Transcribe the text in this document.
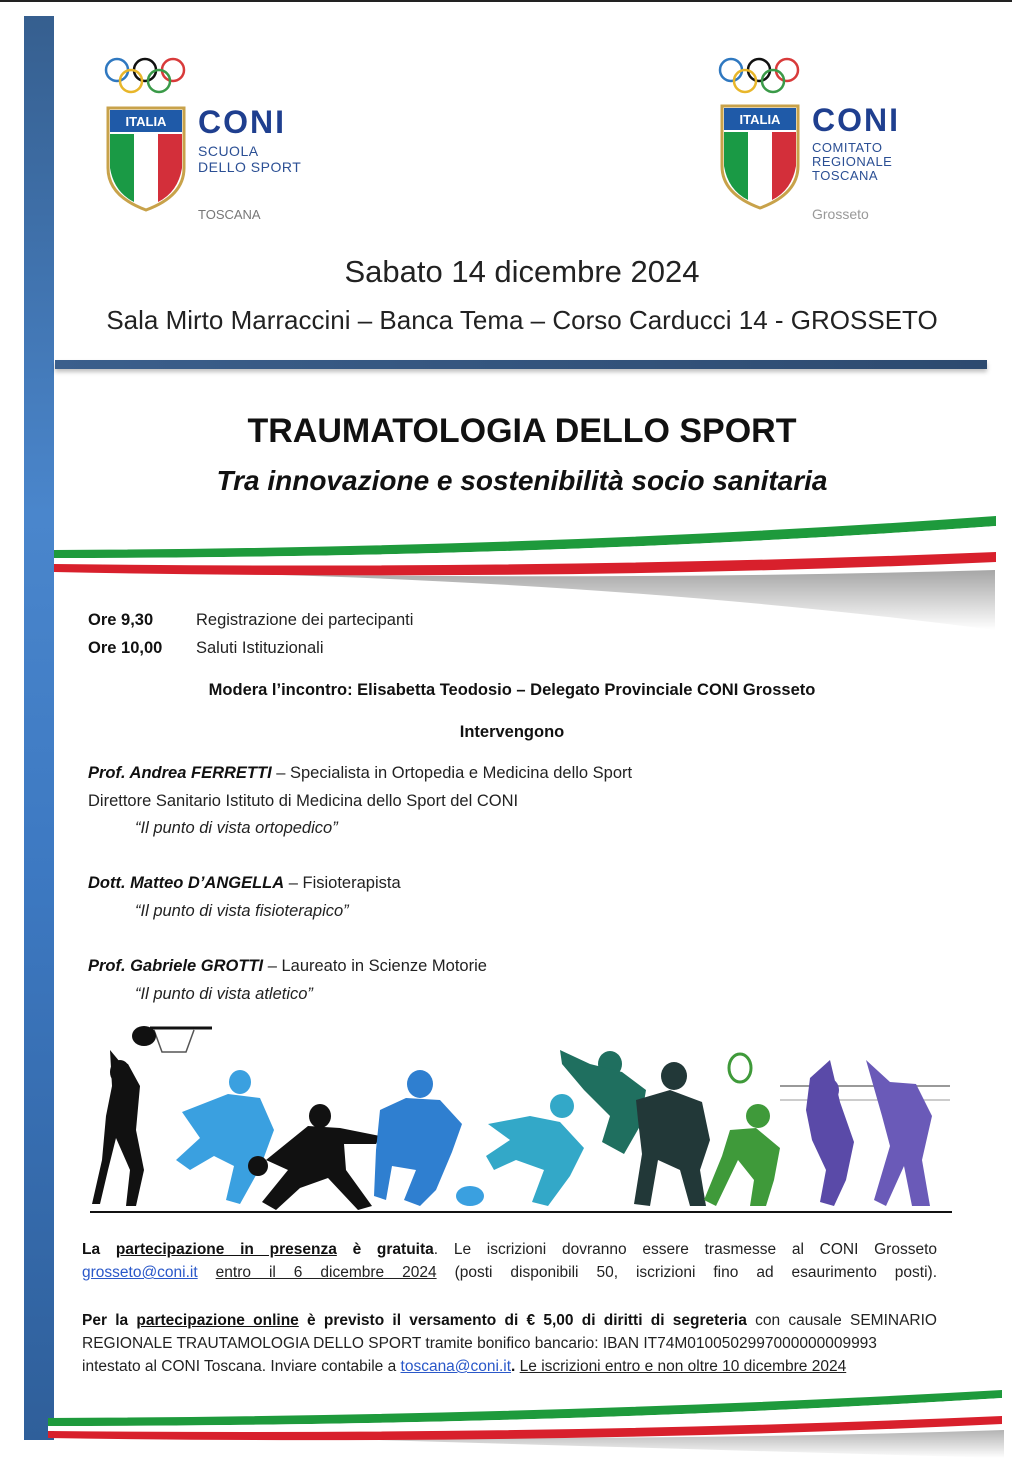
ITALIA CONI
SCUOLA
DELLO SPORT
TOSCANA
ITALIA CONI
COMITATO
REGIONALE
TOSCANA
Grosseto
Sabato 14 dicembre 2024
Sala Mirto Marraccini – Banca Tema – Corso Carducci 14 - GROSSETO
TRAUMATOLOGIA DELLO SPORT
Tra innovazione e sostenibilità socio sanitaria
Ore 9,30	Registrazione dei partecipanti
Ore 10,00 Saluti Istituzionali
Modera l’incontro: Elisabetta Teodosio – Delegato Provinciale CONI Grosseto
Intervengono
Prof. Andrea FERRETTI – Specialista in Ortopedia e Medicina dello Sport
Direttore Sanitario Istituto di Medicina dello Sport del CONI
“Il punto di vista ortopedico”
Dott. Matteo D’ANGELLA – Fisioterapista
“Il punto di vista fisioterapico”
Prof. Gabriele GROTTI – Laureato in Scienze Motorie
“Il punto di vista atletico”
La partecipazione in presenza è gratuita. Le iscrizioni dovranno essere trasmesse al CONI Grosseto
grosseto@coni.it entro il 6 dicembre 2024 (posti disponibili 50, iscrizioni fino ad esaurimento posti).
Per la partecipazione online è previsto il versamento di € 5,00 di diritti di segreteria con causale SEMINARIO
REGIONALE TRAUTAMOLOGIA DELLO SPORT tramite bonifico bancario: IBAN IT74M0100502997000000009993
intestato al CONI Toscana. Inviare contabile a toscana@coni.it. Le iscrizioni entro e non oltre 10 dicembre 2024
